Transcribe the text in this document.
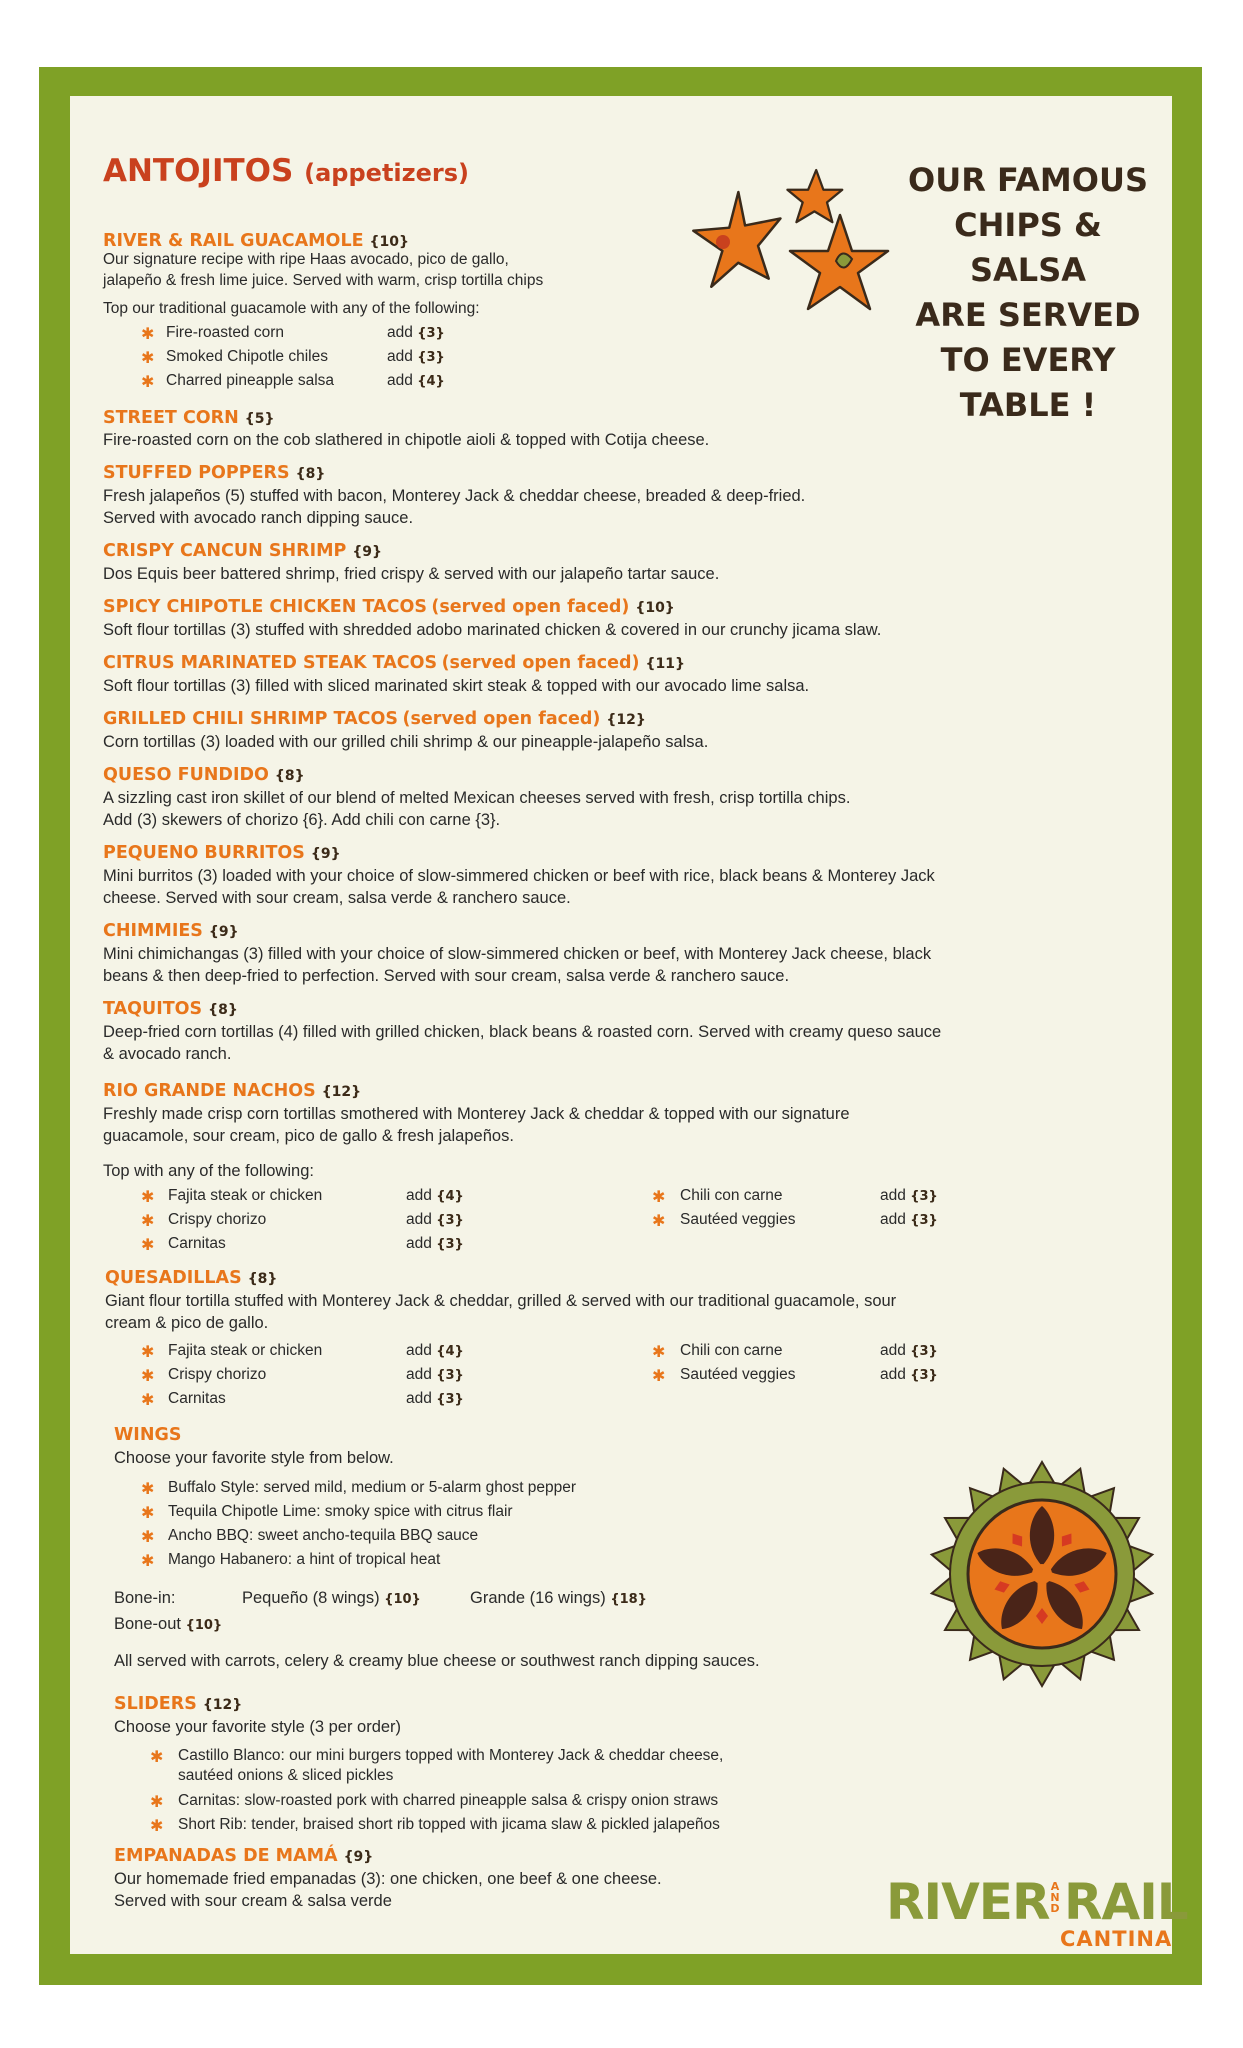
ANTOJITOS (appetizers)	OUR FAMOUS
CHIPS & SALSA
ARE SERVED
TO EVERY TABLE !
RIVER & RAIL GUACAMOLE {10}
Our signature recipe with ripe Haas avocado, pico de gallo,
jalapeño & fresh lime juice. Served with warm, crisp tortilla chips
Top our traditional guacamole with any of the following:
✱ Fire-roasted corn	add {3}
✱ Smoked Chipotle chiles	add {3}
✱ Charred pineapple salsa	add {4}
STREET CORN {5}
Fire-roasted corn on the cob slathered in chipotle aioli & topped with Cotija cheese.
STUFFED POPPERS {8}
Fresh jalapeños (5) stuffed with bacon, Monterey Jack & cheddar cheese, breaded & deep-fried.
Served with avocado ranch dipping sauce.
CRISPY CANCUN SHRIMP {9}
Dos Equis beer battered shrimp, fried crispy & served with our jalapeño tartar sauce.
SPICY CHIPOTLE CHICKEN TACOS (served open faced) {10}
Soft flour tortillas (3) stuffed with shredded adobo marinated chicken & covered in our crunchy jicama slaw.
CITRUS MARINATED STEAK TACOS (served open faced) {11}
Soft flour tortillas (3) filled with sliced marinated skirt steak & topped with our avocado lime salsa.
GRILLED CHILI SHRIMP TACOS (served open faced) {12}
Corn tortillas (3) loaded with our grilled chili shrimp & our pineapple-jalapeño salsa.
QUESO FUNDIDO {8}
A sizzling cast iron skillet of our blend of melted Mexican cheeses served with fresh, crisp tortilla chips.
Add (3) skewers of chorizo {6}. Add chili con carne {3}.
PEQUENO BURRITOS {9}
Mini burritos (3) loaded with your choice of slow-simmered chicken or beef with rice, black beans & Monterey Jack
cheese. Served with sour cream, salsa verde & ranchero sauce.
CHIMMIES {9}
Mini chimichangas (3) filled with your choice of slow-simmered chicken or beef, with Monterey Jack cheese, black
beans & then deep-fried to perfection. Served with sour cream, salsa verde & ranchero sauce.
TAQUITOS {8}
Deep-fried corn tortillas (4) filled with grilled chicken, black beans & roasted corn. Served with creamy queso sauce
& avocado ranch.
RIO GRANDE NACHOS {12}
Freshly made crisp corn tortillas smothered with Monterey Jack & cheddar & topped with our signature
guacamole, sour cream, pico de gallo & fresh jalapeños.
Top with any of the following:
✱ Fajita steak or chicken	add {4}
✱ Crispy chorizo	add {3}
✱ Carnitas	add {3}
✱ Chili con carne	add {3}
✱ Sautéed veggies	add {3}
QUESADILLAS {8}
Giant flour tortilla stuffed with Monterey Jack & cheddar, grilled & served with our traditional guacamole, sour
cream & pico de gallo.
✱ Fajita steak or chicken	add {4}
✱ Crispy chorizo	add {3}
✱ Carnitas	add {3}
✱ Chili con carne	add {3}
✱ Sautéed veggies	add {3}
WINGS
Choose your favorite style from below.
✱ Buffalo Style: served mild, medium or 5-alarm ghost pepper
✱ Tequila Chipotle Lime: smoky spice with citrus flair
✱ Ancho BBQ: sweet ancho-tequila BBQ sauce
✱ Mango Habanero: a hint of tropical heat
Bone-in:	Pequeño (8 wings) {10}	Grande (16 wings) {18}
Bone-out {10}
All served with carrots, celery & creamy blue cheese or southwest ranch dipping sauces.
SLIDERS {12}
Choose your favorite style (3 per order)
✱ Castillo Blanco: our mini burgers topped with Monterey Jack & cheddar cheese,
sautéed onions & sliced pickles
✱ Carnitas: slow-roasted pork with charred pineapple salsa & crispy onion straws
✱ Short Rib: tender, braised short rib topped with jicama slaw & pickled jalapeños
EMPANADAS DE MAMÁ {9}
Our homemade fried empanadas (3): one chicken, one beef & one cheese.
Served with sour cream & salsa verde	RIVER AND RAIL
CANTINA
